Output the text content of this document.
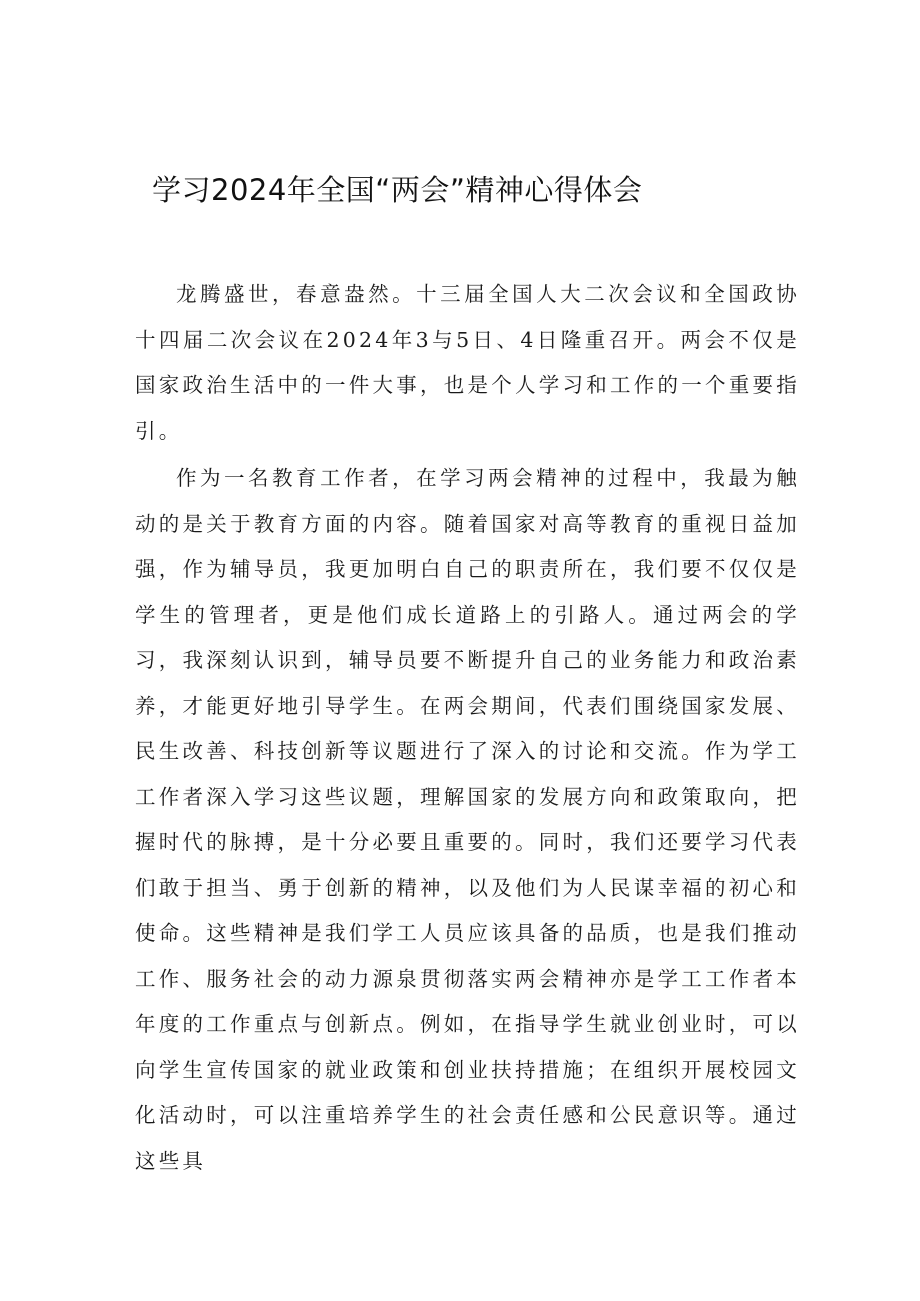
学习2024年全国“两会”精神心得体会

龙腾盛世，春意盎然。十三届全国人大二次会议和全国政协十四届二次会议在2024年3与5日、4日隆重召开。两会不仅是国家政治生活中的一件大事，也是个人学习和工作的一个重要指引。

作为一名教育工作者，在学习两会精神的过程中，我最为触动的是关于教育方面的内容。随着国家对高等教育的重视日益加强，作为辅导员，我更加明白自己的职责所在，我们要不仅仅是学生的管理者，更是他们成长道路上的引路人。通过两会的学习，我深刻认识到，辅导员要不断提升自己的业务能力和政治素养，才能更好地引导学生。在两会期间，代表们围绕国家发展、民生改善、科技创新等议题进行了深入的讨论和交流。作为学工工作者深入学习这些议题，理解国家的发展方向和政策取向，把握时代的脉搏，是十分必要且重要的。同时，我们还要学习代表们敢于担当、勇于创新的精神，以及他们为人民谋幸福的初心和使命。这些精神是我们学工人员应该具备的品质，也是我们推动工作、服务社会的动力源泉贯彻落实两会精神亦是学工工作者本年度的工作重点与创新点。例如，在指导学生就业创业时，可以向学生宣传国家的就业政策和创业扶持措施；在组织开展校园文化活动时，可以注重培养学生的社会责任感和公民意识等。通过这些具
